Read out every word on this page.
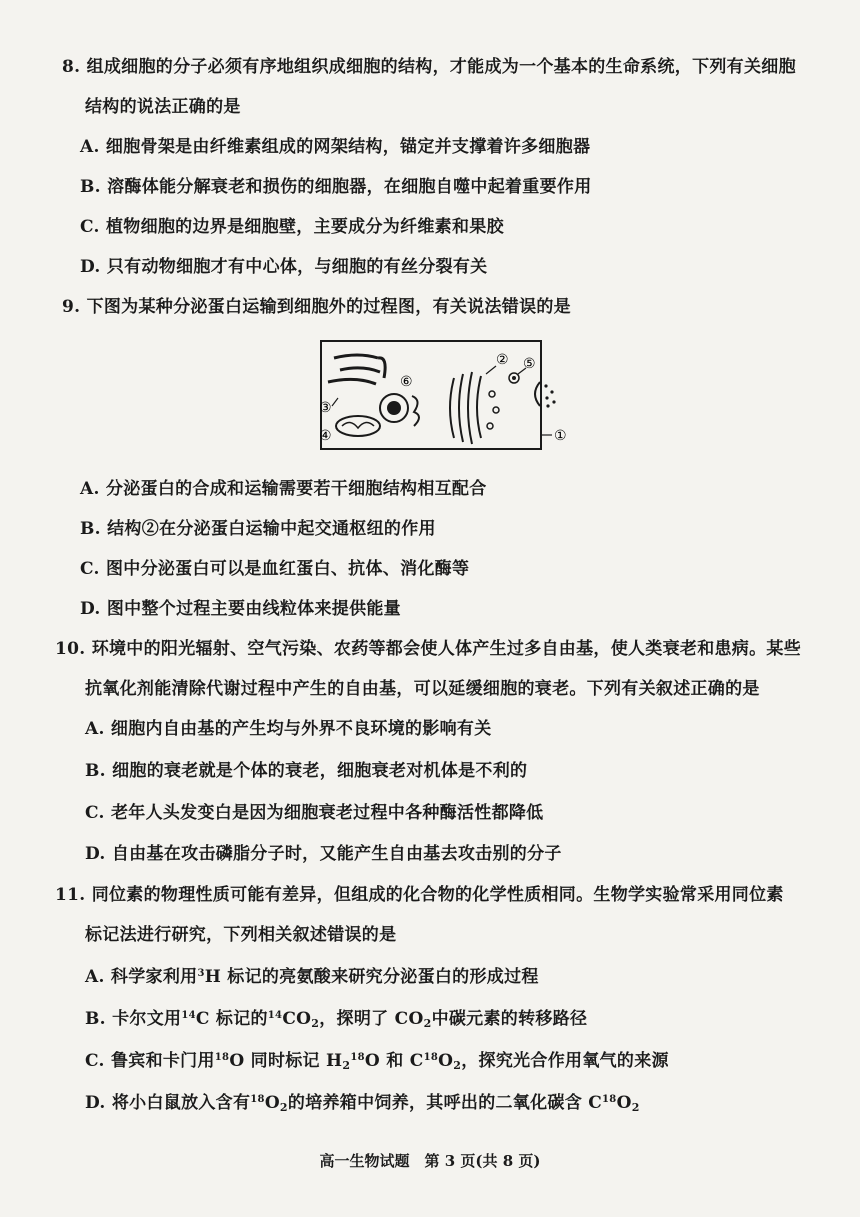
8. 组成细胞的分子必须有序地组织成细胞的结构，才能成为一个基本的生命系统，下列有关细胞
结构的说法正确的是
A. 细胞骨架是由纤维素组成的网架结构，锚定并支撑着许多细胞器
B. 溶酶体能分解衰老和损伤的细胞器，在细胞自噬中起着重要作用
C. 植物细胞的边界是细胞壁，主要成分为纤维素和果胶
D. 只有动物细胞才有中心体，与细胞的有丝分裂有关
9. 下图为某种分泌蛋白运输到细胞外的过程图，有关说法错误的是
①
②
③
④
⑤
⑥
A. 分泌蛋白的合成和运输需要若干细胞结构相互配合
B. 结构②在分泌蛋白运输中起交通枢纽的作用
C. 图中分泌蛋白可以是血红蛋白、抗体、消化酶等
D. 图中整个过程主要由线粒体来提供能量
10. 环境中的阳光辐射、空气污染、农药等都会使人体产生过多自由基，使人类衰老和患病。某些
抗氧化剂能清除代谢过程中产生的自由基，可以延缓细胞的衰老。下列有关叙述正确的是
A. 细胞内自由基的产生均与外界不良环境的影响有关
B. 细胞的衰老就是个体的衰老，细胞衰老对机体是不利的
C. 老年人头发变白是因为细胞衰老过程中各种酶活性都降低
D. 自由基在攻击磷脂分子时，又能产生自由基去攻击别的分子
11. 同位素的物理性质可能有差异，但组成的化合物的化学性质相同。生物学实验常采用同位素
标记法进行研究，下列相关叙述错误的是
A. 科学家利用$^3$H 标记的亮氨酸来研究分泌蛋白的形成过程
B. 卡尔文用$^{14}$C 标记的$^{14}CO_2$，探明了 $CO_2$中碳元素的转移路径
C. 鲁宾和卡门用$^{18}$O 同时标记 $H_2^{18}O$ 和 $C^{18}O_2$，探究光合作用氧气的来源
D. 将小白鼠放入含有$^{18}O_2$的培养箱中饲养，其呼出的二氧化碳含 $C^{18}O_2$
高一生物试题　第 3 页(共 8 页)
